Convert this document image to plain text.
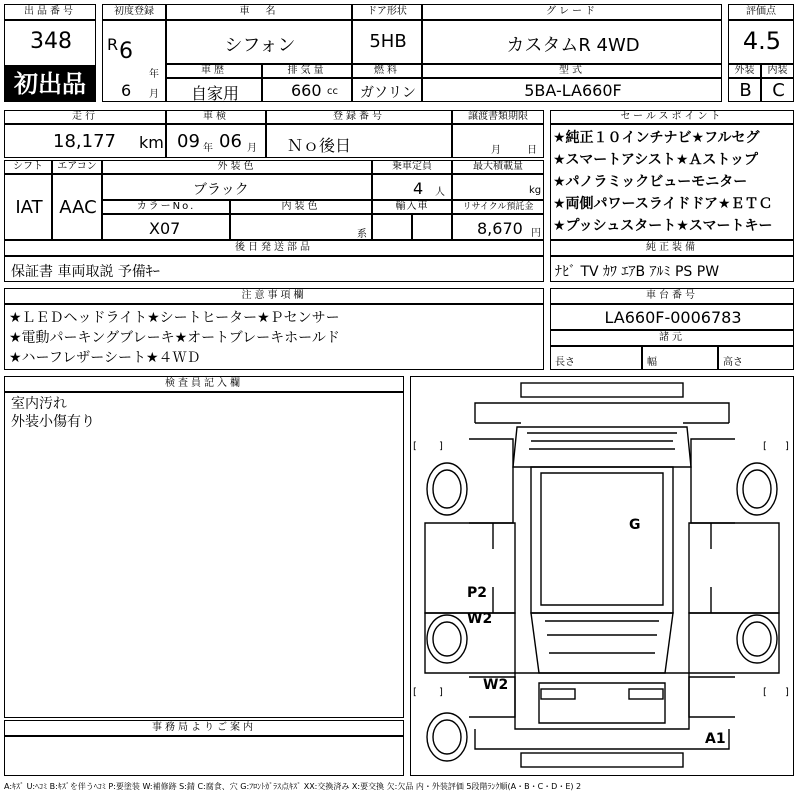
出品番号
348
初出品
初度登録
R 6
年
6 月
車　名
シフォン
ドア形状
5HB
グレード
カスタムR 4WD
車歴
自家用
排気量
660 cc
燃料
ガソリン
型式
5BA-LA660F
評価点
4.5
外装	内装
B	C
走行
18,177 km
車検
09 年 06 月
登録番号
Ｎｏ後日
譲渡書類期限
月	日
シフト	エアコン
IAT AAC
外装色
ブラック
乗車定員
4 人
最大積載量
kg
カラーNo.
X07
内装色
系
輸入車	リサイクル預託金
8,670 円
後日発送部品
保証書 車両取説 予備ｷｰ
セールスポイント
★純正１０インチナビ★フルセグ
★スマートアシスト★Ａストップ
★パノラミックビューモニター
★両側パワースライドドア★ＥＴＣ
★プッシュスタート★スマートキー
純正装備
ﾅﾋﾞ TV ｶﾜ ｴｱB ｱﾙﾐ PS PW
注意事項欄
★ＬＥＤヘッドライト★シートヒーター★Ｐセンサー
★電動パーキングブレーキ★オートブレーキホールド
★ハーフレザーシート★４ＷＤ
車台番号
LA660F-0006783
諸元
長さ	幅	高さ
検査員記入欄
室内汚れ
外装小傷有り
事務局よりご案内
[ ]	[ ]
[ ]	[ ]
G
P2
W2
W2
A1
A:ｷｽﾞ U:ﾍｺﾐ B:ｷｽﾞを伴うﾍｺﾐ P:要塗装 W:補修跡 S:錆 C:腐食、穴 G:ﾌﾛﾝﾄｶﾞﾗｽ点ｷｽﾞ XX:交換済み X:要交換 欠:欠品 内・外装評価 5段階ﾗﾝｸ順(A・B・C・D・E) 2
